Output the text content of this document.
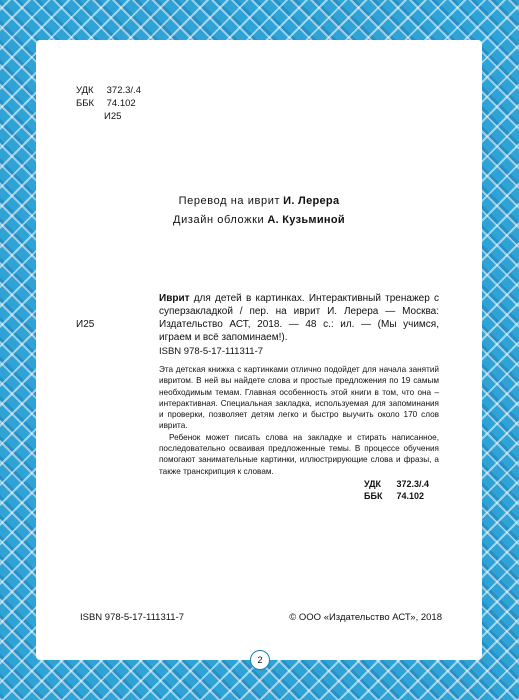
УДК 372.3/.4
ББК 74.102
И25
Перевод на иврит И. Лерера
Дизайн обложки А. Кузьминой
И25
Иврит для детей в картинках. Интерактивный тренажер с суперзакладкой / пер. на иврит И. Лерера — Москва: Издательство АСТ, 2018. — 48 с.: ил. — (Мы учимся, играем и всё запоминаем!).
ISBN 978-5-17-111311-7

Эта детская книжка с картинками отлично подойдет для начала занятий ивритом. В ней вы найдете слова и простые предложения по 19 самым необходимым темам. Главная особенность этой книги в том, что она – интерактивная. Специальная закладка, используемая для запоминания и проверки, позволяет детям легко и быстро выучить около 170 слов иврита.

Ребенок может писать слова на закладке и стирать написанное, последовательно осваивая предложенные темы. В процессе обучения помогают занимательные картинки, иллюстрирующие слова и фразы, а также транскрипция к словам.

УДК 372.3/.4
ББК 74.102
ISBN 978-5-17-111311-7	© ООО «Издательство АСТ», 2018
2
